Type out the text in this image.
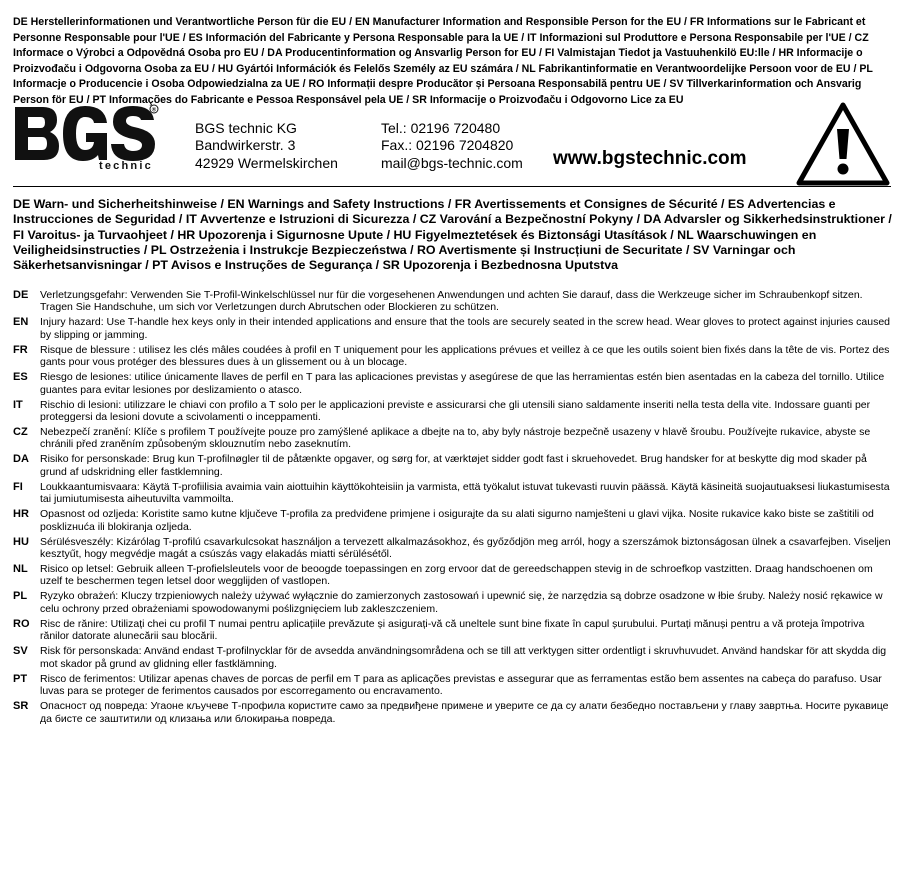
DE Herstellerinformationen und Verantwortliche Person für die EU / EN Manufacturer Information and Responsible Person for the EU / FR Informations sur le Fabricant et Personne Responsable pour l'UE / ES Información del Fabricante y Persona Responsable para la UE / IT Informazioni sul Produttore e Persona Responsabile per l'UE / CZ Informace o Výrobci a Odpovědná Osoba pro EU / DA Producentinformation og Ansvarlig Person for EU / FI Valmistajan Tiedot ja Vastuuhenkilö EU:lle / HR Informacije o Proizvođaču i Odgovorna Osoba za EU / HU Gyártói Információk és Felelős Személy az EU számára / NL Fabrikantinformatie en Verantwoordelijke Persoon voor de EU / PL Informacje o Producencie i Osoba Odpowiedzialna za UE / RO Informații despre Producător și Persoana Responsabilă pentru UE / SV Tillverkarinformation och Ansvarig Person för EU / PT Informações do Fabricante e Pessoa Responsável pela UE / SR Informacije o Proizvođaču i Odgovorno Lice za EU
®
technic
BGS technic KG
Bandwirkerstr. 3
42929 Wermelskirchen
Tel.: 02196 720480
Fax.: 02196 7204820
mail@bgs-technic.com www.bgstechnic.com
DE Warn- und Sicherheitshinweise / EN Warnings and Safety Instructions / FR Avertissements et Consignes de Sécurité / ES Advertencias e Instrucciones de Seguridad / IT Avvertenze e Istruzioni di Sicurezza / CZ Varování a Bezpečnostní Pokyny / DA Advarsler og Sikkerhedsinstruktioner / FI Varoitus- ja Turvaohjeet / HR Upozorenja i Sigurnosne Upute / HU Figyelmeztetések és Biztonsági Utasítások / NL Waarschuwingen en Veiligheidsinstructies / PL Ostrzeżenia i Instrukcje Bezpieczeństwa / RO Avertismente și Instrucțiuni de Securitate / SV Varningar och Säkerhetsanvisningar / PT Avisos e Instruções de Segurança / SR Upozorenja i Bezbednosna Uputstva
DE	Verletzungsgefahr: Verwenden Sie T-Profil-Winkelschlüssel nur für die vorgesehenen Anwendungen und achten Sie darauf, dass die Werkzeuge sicher im Schraubenkopf sitzen. Tragen Sie Handschuhe, um sich vor Verletzungen durch Abrutschen oder Blockieren zu schützen.
EN	Injury hazard: Use T-handle hex keys only in their intended applications and ensure that the tools are securely seated in the screw head. Wear gloves to protect against injuries caused by slipping or jamming.
FR	Risque de blessure : utilisez les clés mâles coudées à profil en T uniquement pour les applications prévues et veillez à ce que les outils soient bien fixés dans la tête de vis. Portez des gants pour vous protéger des blessures dues à un glissement ou à un blocage.
ES	Riesgo de lesiones: utilice únicamente llaves de perfil en T para las aplicaciones previstas y asegúrese de que las herramientas estén bien asentadas en la cabeza del tornillo. Utilice guantes para evitar lesiones por deslizamiento o atasco.
IT	Rischio di lesioni: utilizzare le chiavi con profilo a T solo per le applicazioni previste e assicurarsi che gli utensili siano saldamente inseriti nella testa della vite. Indossare guanti per proteggersi da lesioni dovute a scivolamenti o inceppamenti.
CZ	Nebezpečí zranění: Klíče s profilem T používejte pouze pro zamýšlené aplikace a dbejte na to, aby byly nástroje bezpečně usazeny v hlavě šroubu. Používejte rukavice, abyste se chránili před zraněním způsobeným sklouznutím nebo zaseknutím.
DA	Risiko for personskade: Brug kun T-profilnøgler til de påtænkte opgaver, og sørg for, at værktøjet sidder godt fast i skruehovedet. Brug handsker for at beskytte dig mod skader på grund af udskridning eller fastklemning.
FI	Loukkaantumisvaara: Käytä T-profiilisia avaimia vain aiottuihin käyttökohteisiin ja varmista, että työkalut istuvat tukevasti ruuvin päässä. Käytä käsineitä suojautuaksesi liukastumisesta tai jumiutumisesta aiheutuvilta vammoilta.
HR	Opasnost od ozljeda: Koristite samo kutne ključeve T-profila za predviđene primjene i osigurajte da su alati sigurno namješteni u glavi vijka. Nosite rukavice kako biste se zaštitili od posklizнuća ili blokiranja ozljeda.
HU	Sérülésveszély: Kizárólag T-profilú csavarkulcsokat használjon a tervezett alkalmazásokhoz, és győződjön meg arról, hogy a szerszámok biztonságosan ülnek a csavarfejben. Viseljen kesztyűt, hogy megvédje magát a csúszás vagy elakadás miatti sérülésétől.
NL	Risico op letsel: Gebruik alleen T-profielsleutels voor de beoogde toepassingen en zorg ervoor dat de gereedschappen stevig in de schroefkop vastzitten. Draag handschoenen om uzelf te beschermen tegen letsel door wegglijden of vastlopen.
PL	Ryzyko obrażeń: Kluczy trzpieniowych należy używać wyłącznie do zamierzonych zastosowań i upewnić się, że narzędzia są dobrze osadzone w łbie śruby. Należy nosić rękawice w celu ochrony przed obrażeniami spowodowanymi poślizgnięciem lub zakleszczeniem.
RO	Risc de rănire: Utilizați chei cu profil T numai pentru aplicațiile prevăzute și asigurați-vă că uneltele sunt bine fixate în capul șurubului. Purtați mănuși pentru a vă proteja împotriva rănilor datorate alunecării sau blocării.
SV	Risk för personskada: Använd endast T-profilnycklar för de avsedda användningsområdena och se till att verktygen sitter ordentligt i skruvhuvudet. Använd handskar för att skydda dig mot skador på grund av glidning eller fastklämning.
PT	Risco de ferimentos: Utilizar apenas chaves de porcas de perfil em T para as aplicações previstas e assegurar que as ferramentas estão bem assentes na cabeça do parafuso. Usar luvas para se proteger de ferimentos causados por escorregamento ou encravamento.
SR	Опасност од повреда: Угаоне кључеве Т-профила користите само за предвиђене примене и уверите се да су алати безбедно постављени у главу завртња. Носите рукавице да бисте се заштитили од клизања или блокирања повреда.
